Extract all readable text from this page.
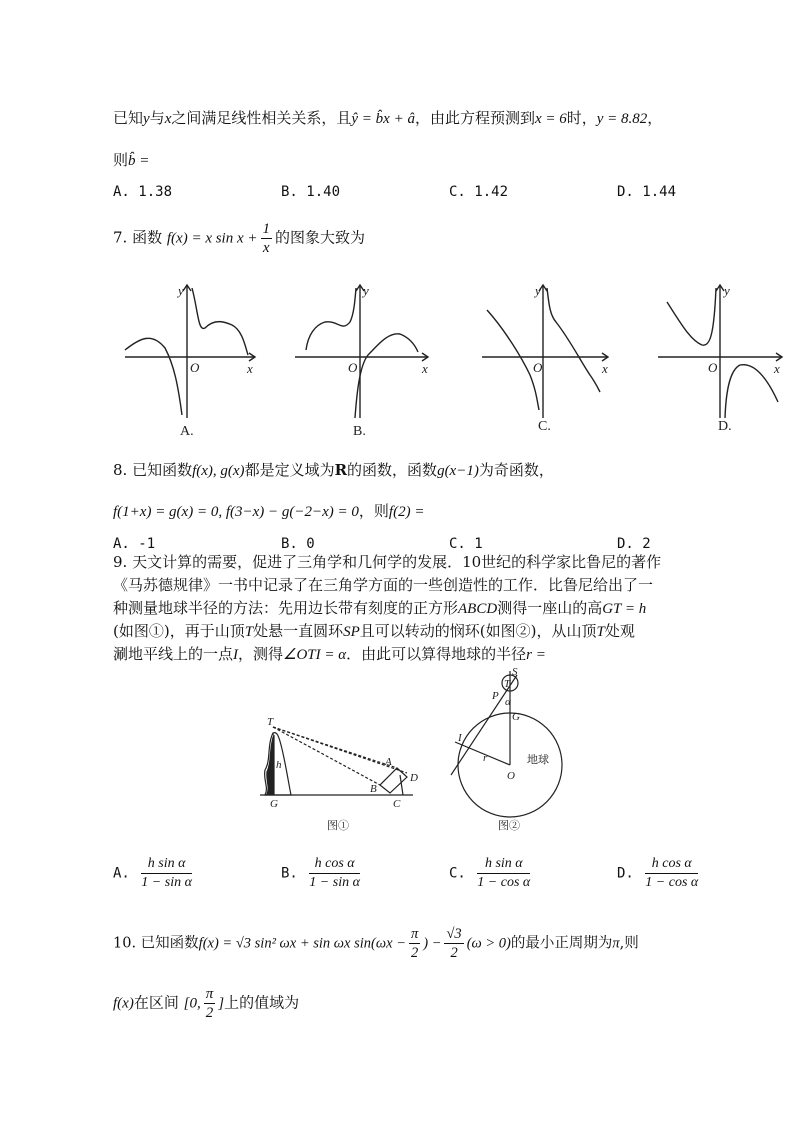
已知y与x之间满足线性相关关系，且ŷ = b̂x + â，由此方程预测到x = 6时，y = 8.82，
则b̂ =
A. 1.38	B. 1.40	C. 1.42	D. 1.44
7. 函数 f(x) = x $\sin x + \frac{1}{x}$ 的图象大致为
y
x
O
y
x
O
y
x
O
y
x
O
A.	B.	C.	D.
8. 已知函数f(x), g(x)都是定义域为R的函数，函数g(x−1)为奇函数，
f(1+x) = g(x) = 0, f(3−x) − g(−2−x) = 0，则f(2) =
A. -1	B. 0	C. 1	D. 2
9. 天文计算的需要，促进了三角学和几何学的发展．10世纪的科学家比鲁尼的著作
《马苏德规律》一书中记录了在三角学方面的一些创造性的工作．比鲁尼给出了一
种测量地球半径的方法：先用边长带有刻度的正方形ABCD测得一座山的高GT = h
(如图①)，再于山顶T处悬一直圆环SP且可以转动的悯环(如图②)，从山顶T处观
涮地平线上的一点I，测得∠OTI = α．由此可以算得地球的半径r =
T
h
G
A
B
C
D
图①
S
T
P α
G
I
r
O
地球
图②
A. $\frac{\text{h sin α}}{\text{1 − sin α}}$	B. $\frac{\text{h cos α}}{\text{1 − sin α}}$	C. $\frac{\text{h sin α}}{\text{1 − cos α}}$	D. $\frac{\text{h cos α}}{\text{1 − cos α}}$
10. 已知函数f(x) = √3 sin² ωx + sin ωx $\sin(\omega x - \frac{\pi}{2}$ ) − $\frac{√3}{2} (\omega > 0)$的最小正周期为π,则
f(x)在区间 [0, $\frac{\pi}{2}$ ]上的值域为
